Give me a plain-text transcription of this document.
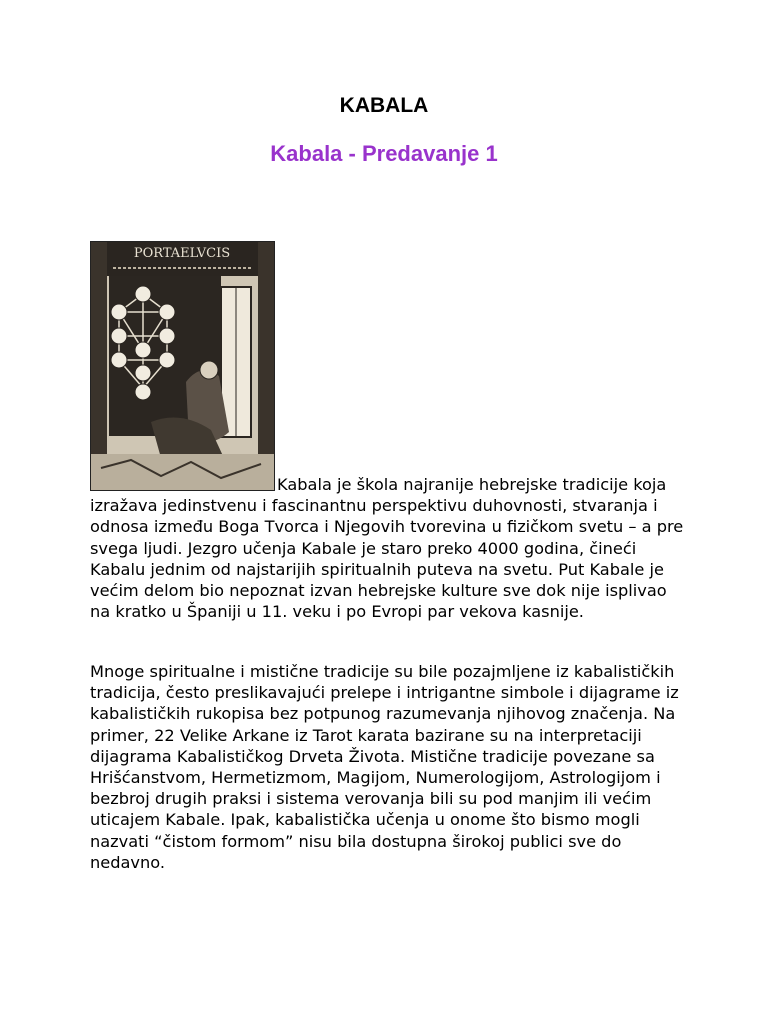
KABALA
Kabala - Predavanje 1
PORTAELVCIS

Kabala je škola najranije hebrejske tradicije koja izražava jedinstvenu i fascinantnu perspektivu duhovnosti, stvaranja i odnosa između Boga Tvorca i Njegovih tvorevina u fizičkom svetu – a pre svega ljudi. Jezgro učenja Kabale je staro preko 4000 godina, čineći Kabalu jednim od najstarijih spiritualnih puteva na svetu. Put Kabale je većim delom bio nepoznat izvan hebrejske kulture sve dok nije isplivao na kratko u Španiji u 11. veku i po Evropi par vekova kasnije.

Mnoge spiritualne i mistične tradicije su bile pozajmljene iz kabalističkih tradicija, često preslikavajući prelepe i intrigantne simbole i dijagrame iz kabalističkih rukopisa bez potpunog razumevanja njihovog značenja. Na primer, 22 Velike Arkane iz Tarot karata bazirane su na interpretaciji dijagrama Kabalističkog Drveta Života. Mistične tradicije povezane sa Hrišćanstvom, Hermetizmom, Magijom, Numerologijom, Astrologijom i bezbroj drugih praksi i sistema verovanja bili su pod manjim ili većim uticajem Kabale. Ipak, kabalistička učenja u onome što bismo mogli nazvati “čistom formom” nisu bila dostupna širokoj publici sve do nedavno.
